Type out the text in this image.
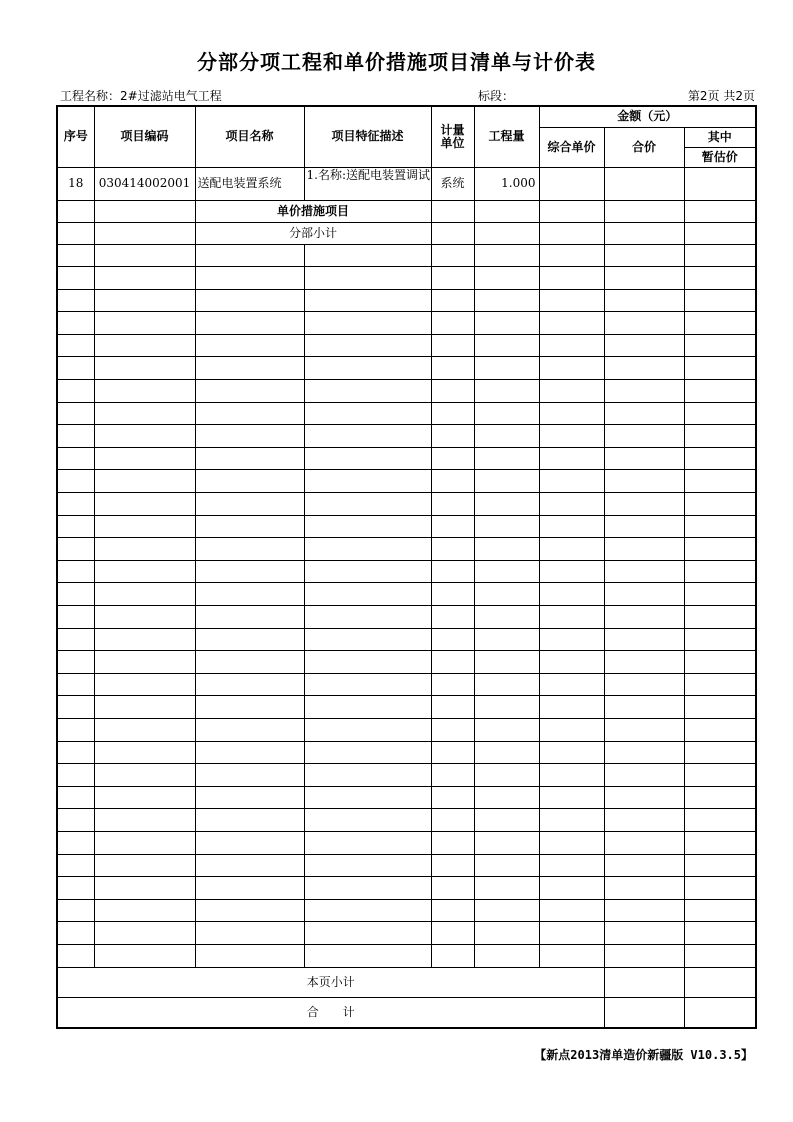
分部分项工程和单价措施项目清单与计价表
工程名称：2#过滤站电气工程	标段：	第2页 共2页
序号	项目编码	项目名称	项目特征描述	计量单位	工程量	金额（元）		
						综合单价	合价	其中
								暂估价
18	030414002001	送配电装置系统	1.名称:送配电装置调试	系统	1.000			
		单价措施项目						
		分部小计						

本页小计								
合　　计								
【新点2013清单造价新疆版 V10.3.5】
